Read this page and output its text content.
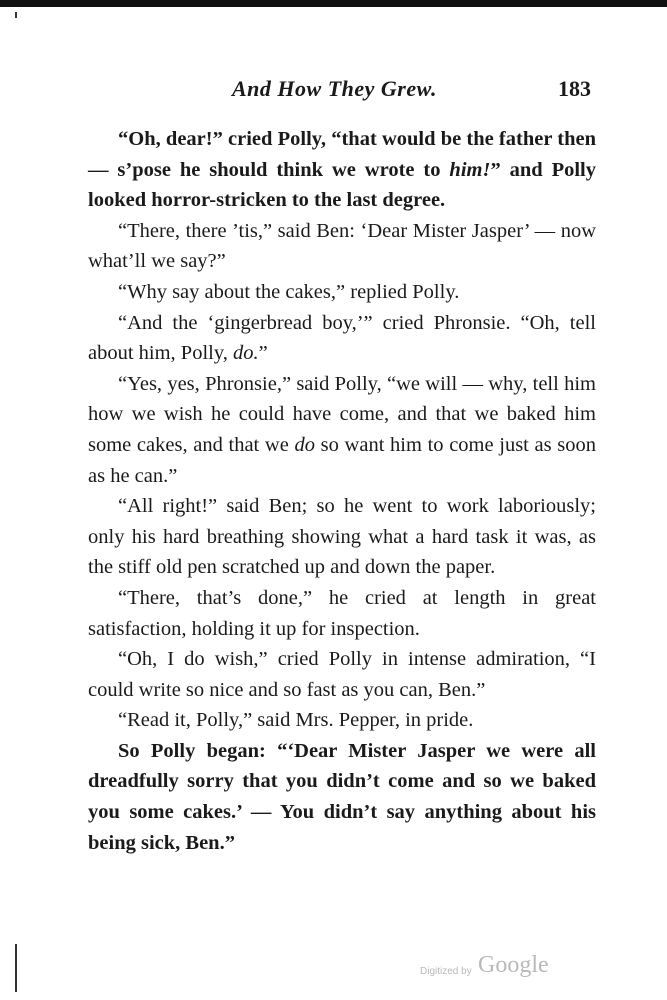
And How They Grew.	183

“Oh, dear!” cried Polly, “that would be the father then — s’pose he should think we wrote to him!” and Polly looked horror-stricken to the last degree.

“There, there ’tis,” said Ben: ‘Dear Mister Jasper’ — now what’ll we say?”

“Why say about the cakes,” replied Polly.

“And the ‘gingerbread boy,’” cried Phronsie. “Oh, tell about him, Polly, do.”

“Yes, yes, Phronsie,” said Polly, “we will — why, tell him how we wish he could have come, and that we baked him some cakes, and that we do so want him to come just as soon as he can.”

“All right!” said Ben; so he went to work laboriously; only his hard breathing showing what a hard task it was, as the stiff old pen scratched up and down the paper.

“There, that’s done,” he cried at length in great satisfaction, holding it up for inspection.

“Oh, I do wish,” cried Polly in intense admiration, “I could write so nice and so fast as you can, Ben.”

“Read it, Polly,” said Mrs. Pepper, in pride.

So Polly began: “‘Dear Mister Jasper we were all dreadfully sorry that you didn’t come and so we baked you some cakes.’ — You didn’t say anything about his being sick, Ben.”

Digitized by Google
